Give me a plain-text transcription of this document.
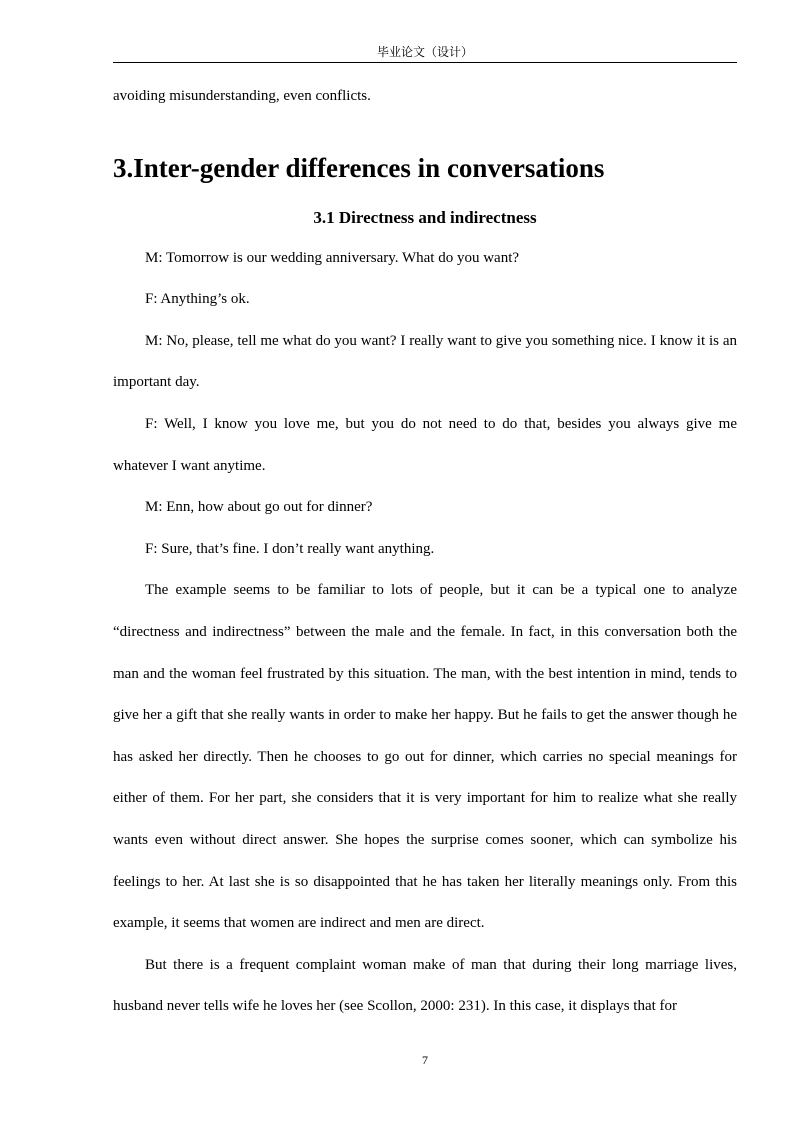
毕业论文（设计）

avoiding misunderstanding, even conflicts.

3.Inter-gender differences in conversations
3.1 Directness and indirectness

M: Tomorrow is our wedding anniversary. What do you want?

F: Anything’s ok.

M: No, please, tell me what do you want? I really want to give you something nice. I know it is an important day.

F: Well, I know you love me, but you do not need to do that, besides you always give me whatever I want anytime.

M: Enn, how about go out for dinner?

F: Sure, that’s fine. I don’t really want anything.

The example seems to be familiar to lots of people, but it can be a typical one to analyze “directness and indirectness” between the male and the female. In fact, in this conversation both the man and the woman feel frustrated by this situation. The man, with the best intention in mind, tends to give her a gift that she really wants in order to make her happy. But he fails to get the answer though he has asked her directly. Then he chooses to go out for dinner, which carries no special meanings for either of them. For her part, she considers that it is very important for him to realize what she really wants even without direct answer. She hopes the surprise comes sooner, which can symbolize his feelings to her. At last she is so disappointed that he has taken her literally meanings only. From this example, it seems that women are indirect and men are direct.

But there is a frequent complaint woman make of man that during their long marriage lives, husband never tells wife he loves her (see Scollon, 2000: 231). In this case, it displays that for

7
